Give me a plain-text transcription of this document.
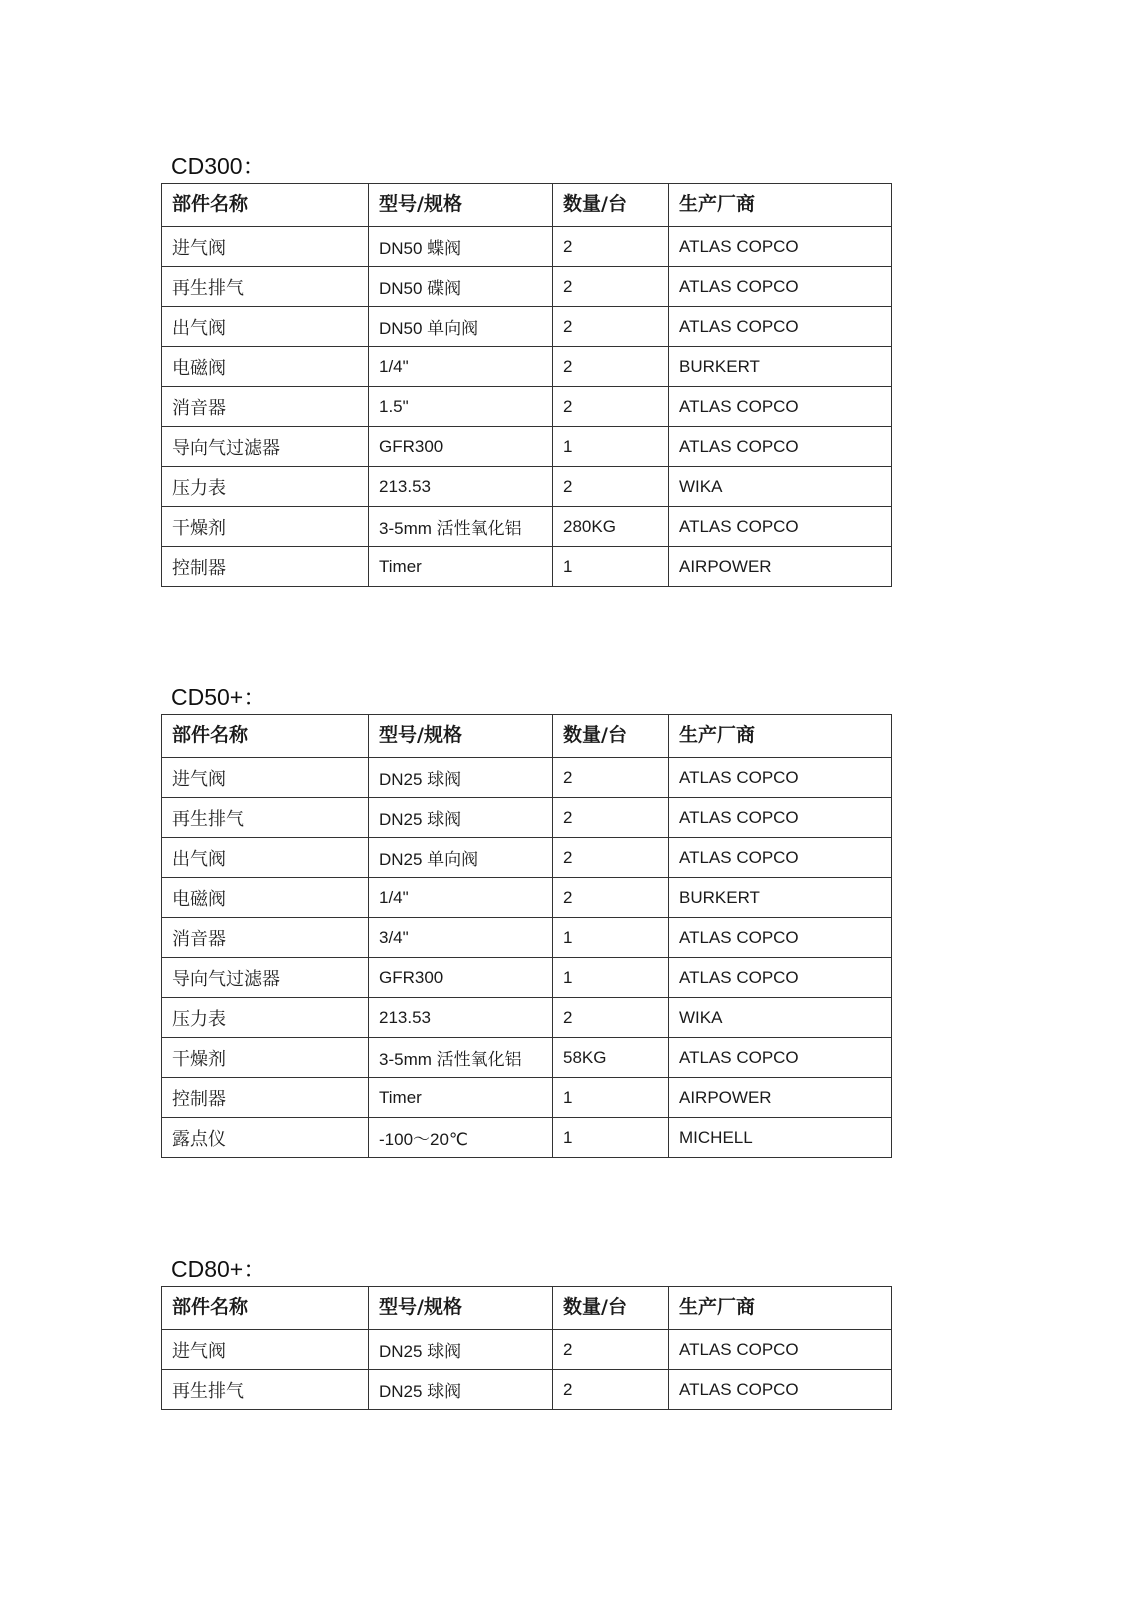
CD300：
部件名称	型号/规格	数量/台	生产厂商
进气阀	DN50 蝶阀	2	ATLAS COPCO
再生排气	DN50 碟阀	2	ATLAS COPCO
出气阀	DN50 单向阀	2	ATLAS COPCO
电磁阀	1/4"	2	BURKERT
消音器	1.5"	2	ATLAS COPCO
导向气过滤器	GFR300	1	ATLAS COPCO
压力表	213.53	2	WIKA
干燥剂	3-5mm 活性氧化铝	280KG	ATLAS COPCO
控制器	Timer	1	AIRPOWER
CD50+：
部件名称	型号/规格	数量/台	生产厂商
进气阀	DN25 球阀	2	ATLAS COPCO
再生排气	DN25 球阀	2	ATLAS COPCO
出气阀	DN25 单向阀	2	ATLAS COPCO
电磁阀	1/4"	2	BURKERT
消音器	3/4"	1	ATLAS COPCO
导向气过滤器	GFR300	1	ATLAS COPCO
压力表	213.53	2	WIKA
干燥剂	3-5mm 活性氧化铝	58KG	ATLAS COPCO
控制器	Timer	1	AIRPOWER
露点仪	-100～20℃	1	MICHELL
CD80+：
部件名称	型号/规格	数量/台	生产厂商
进气阀	DN25 球阀	2	ATLAS COPCO
再生排气	DN25 球阀	2	ATLAS COPCO
